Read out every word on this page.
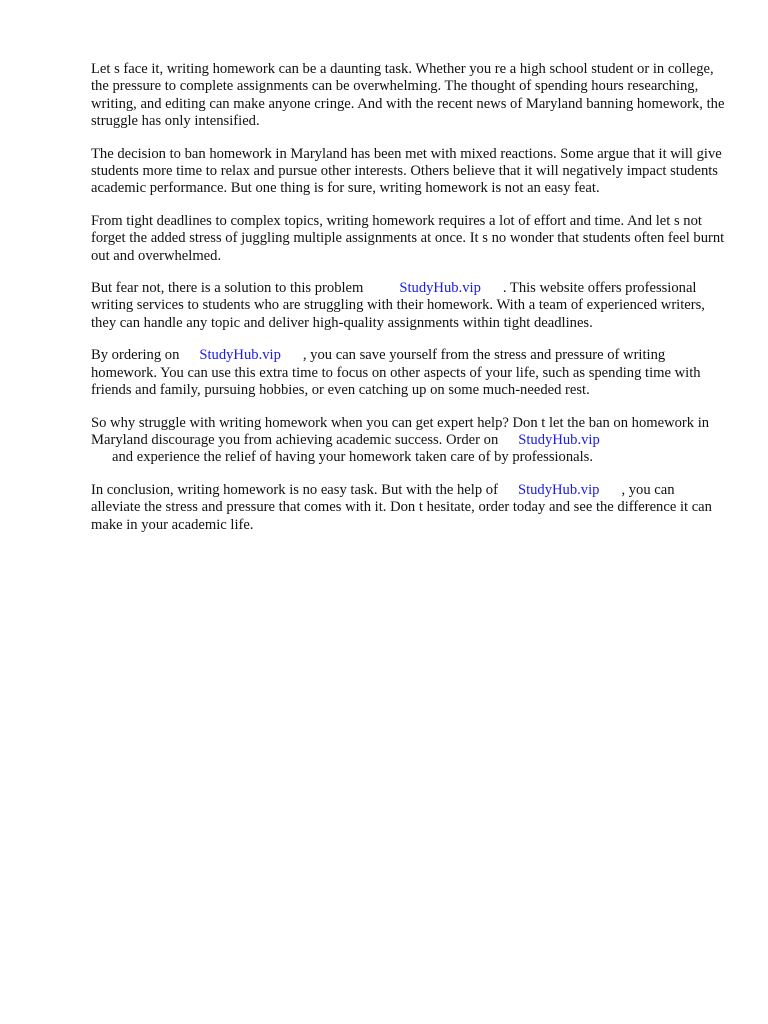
Let s face it, writing homework can be a daunting task. Whether you re a high school student or in college, the pressure to complete assignments can be overwhelming. The thought of spending hours researching, writing, and editing can make anyone cringe. And with the recent news of Maryland banning homework, the struggle has only intensified.

The decision to ban homework in Maryland has been met with mixed reactions. Some argue that it will give students more time to relax and pursue other interests. Others believe that it will negatively impact students academic performance. But one thing is for sure, writing homework is not an easy feat.

From tight deadlines to complex topics, writing homework requires a lot of effort and time. And let s not forget the added stress of juggling multiple assignments at once. It s no wonder that students often feel burnt out and overwhelmed.

But fear not, there is a solution to this problem StudyHub.vip . This website offers professional writing services to students who are struggling with their homework. With a team of experienced writers, they can handle any topic and deliver high-quality assignments within tight deadlines.

By ordering on StudyHub.vip , you can save yourself from the stress and pressure of writing homework. You can use this extra time to focus on other aspects of your life, such as spending time with friends and family, pursuing hobbies, or even catching up on some much-needed rest.

So why struggle with writing homework when you can get expert help? Don t let the ban on homework in Maryland discourage you from achieving academic success. Order on StudyHub.vip
and experience the relief of having your homework taken care of by professionals.

In conclusion, writing homework is no easy task. But with the help of StudyHub.vip , you can alleviate the stress and pressure that comes with it. Don t hesitate, order today and see the difference it can make in your academic life.
